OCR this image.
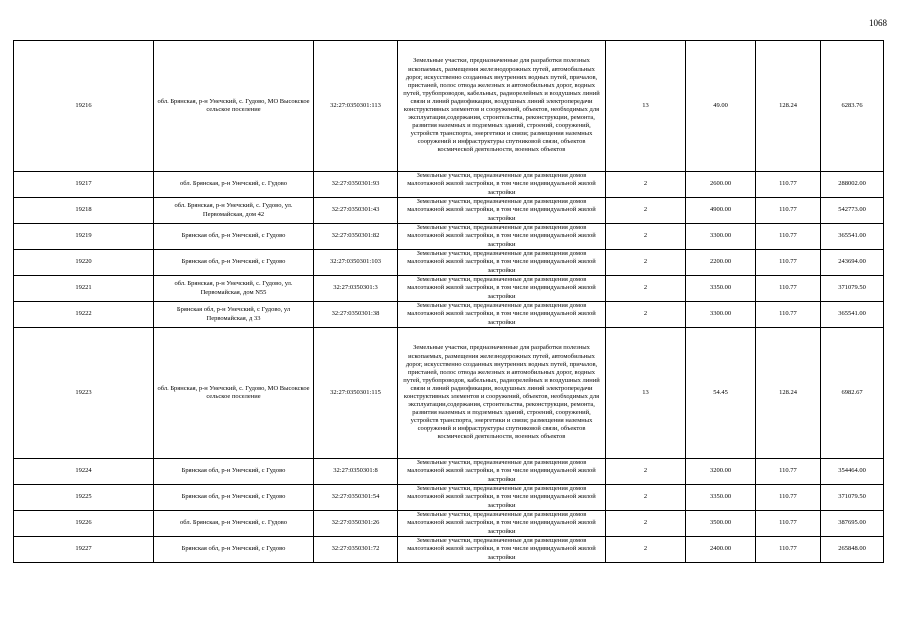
1068
19216	обл. Брянская, р-н Унечский, с. Гудово, МО Высокское сельское поселение	32:27:0350301:113	Земельные участки, предназначенные для разработки полезных ископаемых, размещения железнодорожных путей, автомобильных дорог, искусственно созданных внутренних водных путей, причалов, пристаней, полос отвода железных и автомобильных дорог, водных путей, трубопроводов, кабельных, радиорелейных и воздушных линий связи и линий радиофикации, воздушных линий электропередачи конструктивных элементов и сооружений, объектов, необходимых для эксплуатации,содержания, строительства, реконструкции, ремонта, развития наземных и подземных зданий, строений, сооружений, устройств транспорта, энергетики и связи; размещения наземных сооружений и инфраструктуры спутниковой связи, объектов космической деятельности, военных объектов	13	49.00	128.24	6283.76
19217	обл. Брянская, р-н Унечский, с. Гудово	32:27:0350301:93	Земельные участки, предназначенные для размещения домов малоэтажной жилой застройки, в том числе индивидуальной жилой застройки	2	2600.00	110.77	288002.00
19218	обл. Брянская, р-н Унечский, с. Гудово, ул. Первомайская, дом 42	32:27:0350301:43	Земельные участки, предназначенные для размещения домов малоэтажной жилой застройки, в том числе индивидуальной жилой застройки	2	4900.00	110.77	542773.00
19219	Брянская обл, р-н Унечский, с Гудово	32:27:0350301:82	Земельные участки, предназначенные для размещения домов малоэтажной жилой застройки, в том числе индивидуальной жилой застройки	2	3300.00	110.77	365541.00
19220	Брянская обл, р-н Унечский, с Гудово	32:27:0350301:103	Земельные участки, предназначенные для размещения домов малоэтажной жилой застройки, в том числе индивидуальной жилой застройки	2	2200.00	110.77	243694.00
19221	обл. Брянская, р-н Унечский, с. Гудово, ул. Первомайская, дом N55	32:27:0350301:3	Земельные участки, предназначенные для размещения домов малоэтажной жилой застройки, в том числе индивидуальной жилой застройки	2	3350.00	110.77	371079.50
19222	Брянская обл, р-н Унечский, с Гудово, ул Первомайская, д 33	32:27:0350301:38	Земельные участки, предназначенные для размещения домов малоэтажной жилой застройки, в том числе индивидуальной жилой застройки	2	3300.00	110.77	365541.00
19223	обл. Брянская, р-н Унечский, с. Гудово, МО Высокское сельское поселение	32:27:0350301:115	Земельные участки, предназначенные для разработки полезных ископаемых, размещения железнодорожных путей, автомобильных дорог, искусственно созданных внутренних водных путей, причалов, пристаней, полос отвода железных и автомобильных дорог, водных путей, трубопроводов, кабельных, радиорелейных и воздушных линий связи и линий радиофикации, воздушных линий электропередачи конструктивных элементов и сооружений, объектов, необходимых для эксплуатации,содержания, строительства, реконструкции, ремонта, развития наземных и подземных зданий, строений, сооружений, устройств транспорта, энергетики и связи; размещения наземных сооружений и инфраструктуры спутниковой связи, объектов космической деятельности, военных объектов	13	54.45	128.24	6982.67
19224	Брянская обл, р-н Унечский, с Гудово	32:27:0350301:8	Земельные участки, предназначенные для размещения домов малоэтажной жилой застройки, в том числе индивидуальной жилой застройки	2	3200.00	110.77	354464.00
19225	Брянская обл, р-н Унечский, с Гудово	32:27:0350301:54	Земельные участки, предназначенные для размещения домов малоэтажной жилой застройки, в том числе индивидуальной жилой застройки	2	3350.00	110.77	371079.50
19226	обл. Брянская, р-н Унечский, с. Гудово	32:27:0350301:26	Земельные участки, предназначенные для размещения домов малоэтажной жилой застройки, в том числе индивидуальной жилой застройки	2	3500.00	110.77	387695.00
19227	Брянская обл, р-н Унечский, с Гудово	32:27:0350301:72	Земельные участки, предназначенные для размещения домов малоэтажной жилой застройки, в том числе индивидуальной жилой застройки	2	2400.00	110.77	265848.00
